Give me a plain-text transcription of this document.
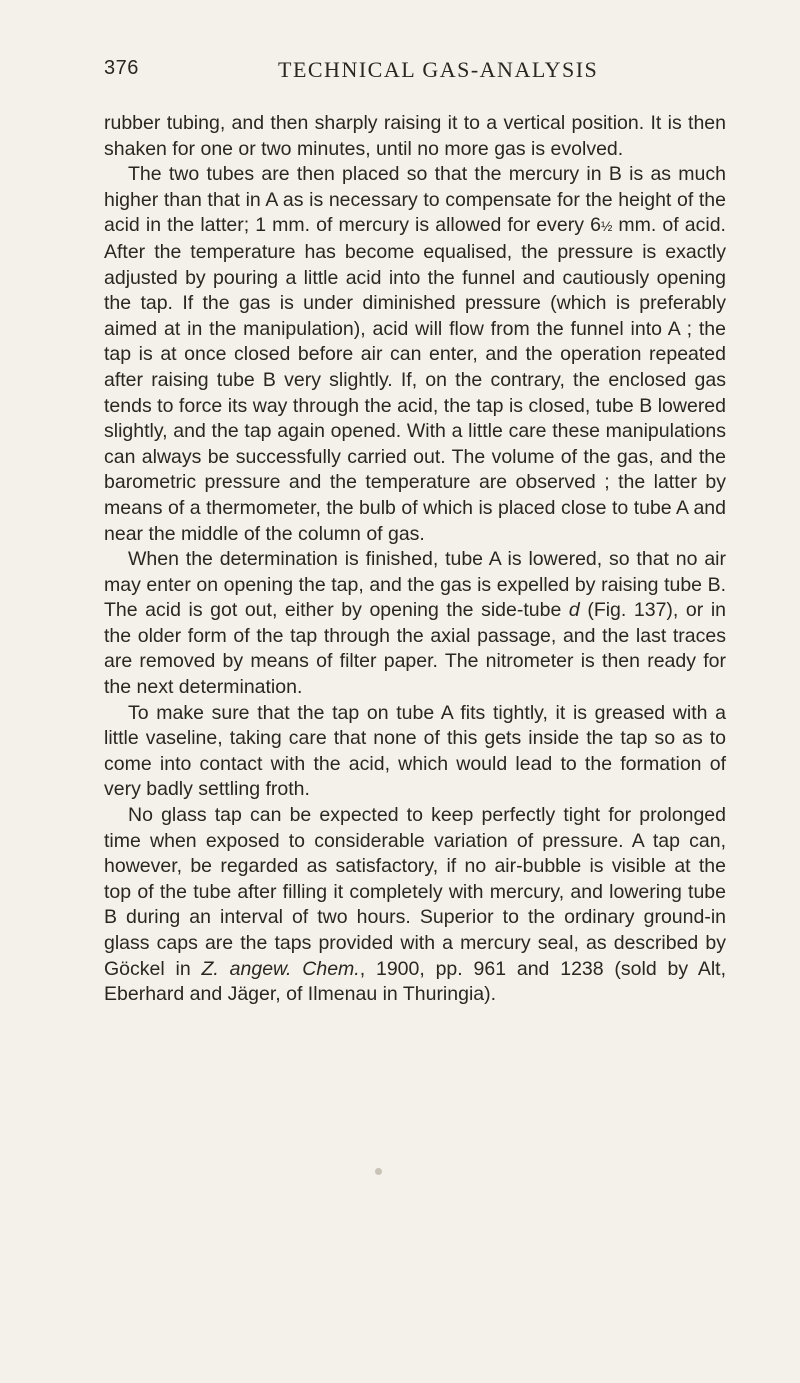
376	TECHNICAL GAS-ANALYSIS

rubber tubing, and then sharply raising it to a vertical position. It is then shaken for one or two minutes, until no more gas is evolved.

The two tubes are then placed so that the mercury in B is as much higher than that in A as is necessary to compensate for the height of the acid in the latter; 1 mm. of mercury is allowed for every 6½ mm. of acid. After the temperature has become equalised, the pressure is exactly adjusted by pouring a little acid into the funnel and cautiously opening the tap. If the gas is under diminished pressure (which is preferably aimed at in the manipulation), acid will flow from the funnel into A ; the tap is at once closed before air can enter, and the operation repeated after raising tube B very slightly. If, on the contrary, the enclosed gas tends to force its way through the acid, the tap is closed, tube B lowered slightly, and the tap again opened. With a little care these manipulations can always be successfully carried out. The volume of the gas, and the barometric pressure and the temperature are observed ; the latter by means of a thermometer, the bulb of which is placed close to tube A and near the middle of the column of gas.

When the determination is finished, tube A is lowered, so that no air may enter on opening the tap, and the gas is expelled by raising tube B. The acid is got out, either by opening the side-tube d (Fig. 137), or in the older form of the tap through the axial passage, and the last traces are removed by means of filter paper. The nitrometer is then ready for the next determination.

To make sure that the tap on tube A fits tightly, it is greased with a little vaseline, taking care that none of this gets inside the tap so as to come into contact with the acid, which would lead to the formation of very badly settling froth.

No glass tap can be expected to keep perfectly tight for prolonged time when exposed to considerable variation of pressure. A tap can, however, be regarded as satisfactory, if no air-bubble is visible at the top of the tube after filling it completely with mercury, and lowering tube B during an interval of two hours. Superior to the ordinary ground-in glass caps are the taps provided with a mercury seal, as described by Göckel in Z. angew. Chem., 1900, pp. 961 and 1238 (sold by Alt, Eberhard and Jäger, of Ilmenau in Thuringia).
